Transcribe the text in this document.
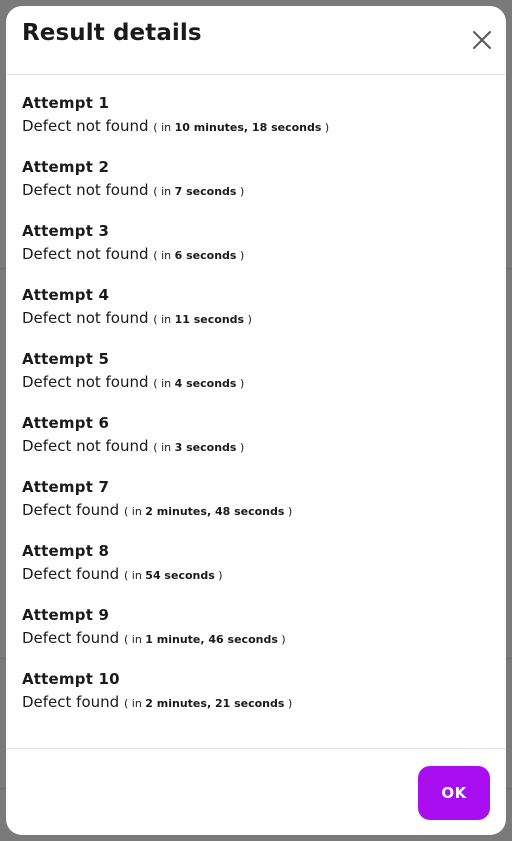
Result details
Attempt 1
Defect not found ( in 10 minutes, 18 seconds )
Attempt 2
Defect not found ( in 7 seconds )
Attempt 3
Defect not found ( in 6 seconds )
Attempt 4
Defect not found ( in 11 seconds )
Attempt 5
Defect not found ( in 4 seconds )
Attempt 6
Defect not found ( in 3 seconds )
Attempt 7
Defect found ( in 2 minutes, 48 seconds )
Attempt 8
Defect found ( in 54 seconds )
Attempt 9
Defect found ( in 1 minute, 46 seconds )
Attempt 10
Defect found ( in 2 minutes, 21 seconds )
OK
